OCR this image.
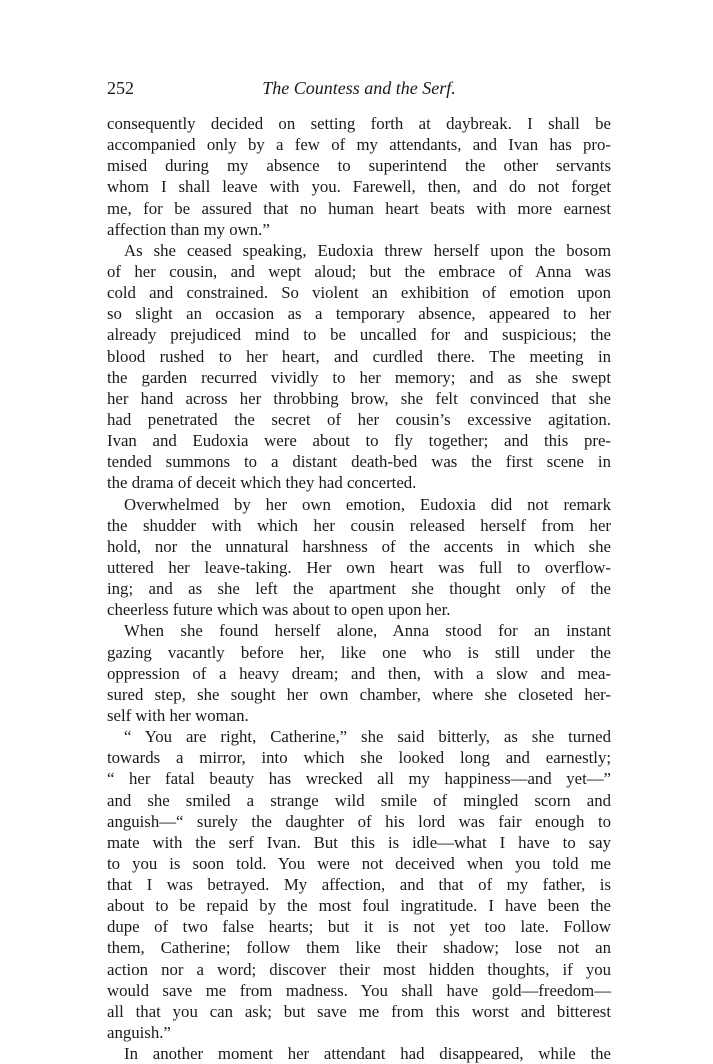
252	The Countess and the Serf.
consequently decided on setting forth at daybreak. I shall be
accompanied only by a few of my attendants, and Ivan has pro-
mised during my absence to superintend the other servants
whom I shall leave with you. Farewell, then, and do not forget
me, for be assured that no human heart beats with more earnest
affection than my own.”
As she ceased speaking, Eudoxia threw herself upon the bosom
of her cousin, and wept aloud; but the embrace of Anna was
cold and constrained. So violent an exhibition of emotion upon
so slight an occasion as a temporary absence, appeared to her
already prejudiced mind to be uncalled for and suspicious; the
blood rushed to her heart, and curdled there. The meeting in
the garden recurred vividly to her memory; and as she swept
her hand across her throbbing brow, she felt convinced that she
had penetrated the secret of her cousin’s excessive agitation.
Ivan and Eudoxia were about to fly together; and this pre-
tended summons to a distant death-bed was the first scene in
the drama of deceit which they had concerted.
Overwhelmed by her own emotion, Eudoxia did not remark
the shudder with which her cousin released herself from her
hold, nor the unnatural harshness of the accents in which she
uttered her leave-taking. Her own heart was full to overflow-
ing; and as she left the apartment she thought only of the
cheerless future which was about to open upon her.
When she found herself alone, Anna stood for an instant
gazing vacantly before her, like one who is still under the
oppression of a heavy dream; and then, with a slow and mea-
sured step, she sought her own chamber, where she closeted her-
self with her woman.
“ You are right, Catherine,” she said bitterly, as she turned
towards a mirror, into which she looked long and earnestly;
“ her fatal beauty has wrecked all my happiness—and yet—”
and she smiled a strange wild smile of mingled scorn and
anguish—“ surely the daughter of his lord was fair enough to
mate with the serf Ivan. But this is idle—what I have to say
to you is soon told. You were not deceived when you told me
that I was betrayed. My affection, and that of my father, is
about to be repaid by the most foul ingratitude. I have been the
dupe of two false hearts; but it is not yet too late. Follow
them, Catherine; follow them like their shadow; lose not an
action nor a word; discover their most hidden thoughts, if you
would save me from madness. You shall have gold—freedom—
all that you can ask; but save me from this worst and bitterest
anguish.”
In another moment her attendant had disappeared, while the
